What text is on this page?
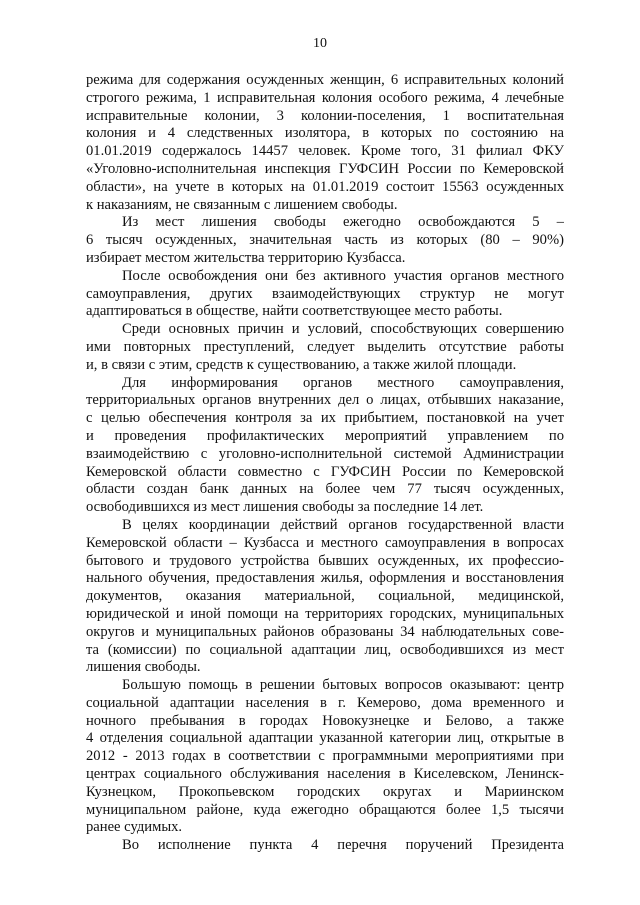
10
режима для содержания осужденных женщин, 6 исправительных колоний
строгого режима, 1 исправительная колония особого режима, 4 лечебные
исправительные колонии, 3 колонии-поселения, 1 воспитательная
колония и 4 следственных изолятора, в которых по состоянию на
01.01.2019 содержалось 14457 человек. Кроме того, 31 филиал ФКУ
«Уголовно-исполнительная инспекция ГУФСИН России по Кемеровской
области», на учете в которых на 01.01.2019 состоит 15563 осужденных
к наказаниям, не связанным с лишением свободы.
Из мест лишения свободы ежегодно освобождаются 5 –
6 тысяч осужденных, значительная часть из которых (80 – 90%)
избирает местом жительства территорию Кузбасса.
После освобождения они без активного участия органов местного
самоуправления, других взаимодействующих структур не могут
адаптироваться в обществе, найти соответствующее место работы.
Среди основных причин и условий, способствующих совершению
ими повторных преступлений, следует выделить отсутствие работы
и, в связи с этим, средств к существованию, а также жилой площади.
Для информирования органов местного самоуправления,
территориальных органов внутренних дел о лицах, отбывших наказание,
с целью обеспечения контроля за их прибытием, постановкой на учет
и проведения профилактических мероприятий управлением по
взаимодействию с уголовно-исполнительной системой Администрации
Кемеровской области совместно с ГУФСИН России по Кемеровской
области создан банк данных на более чем 77 тысяч осужденных,
освободившихся из мест лишения свободы за последние 14 лет.
В целях координации действий органов государственной власти
Кемеровской области – Кузбасса и местного самоуправления в вопросах
бытового и трудового устройства бывших осужденных, их профессио-
нального обучения, предоставления жилья, оформления и восстановления
документов, оказания материальной, социальной, медицинской,
юридической и иной помощи на территориях городских, муниципальных
округов и муниципальных районов образованы 34 наблюдательных сове-
та (комиссии) по социальной адаптации лиц, освободившихся из мест
лишения свободы.
Большую помощь в решении бытовых вопросов оказывают: центр
социальной адаптации населения в г. Кемерово, дома временного и
ночного пребывания в городах Новокузнецке и Белово, а также
4 отделения социальной адаптации указанной категории лиц, открытые в
2012 - 2013 годах в соответствии с программными мероприятиями при
центрах социального обслуживания населения в Киселевском, Ленинск-
Кузнецком, Прокопьевском городских округах и Мариинском
муниципальном районе, куда ежегодно обращаются более 1,5 тысячи
ранее судимых.
Во исполнение пункта 4 перечня поручений Президента
